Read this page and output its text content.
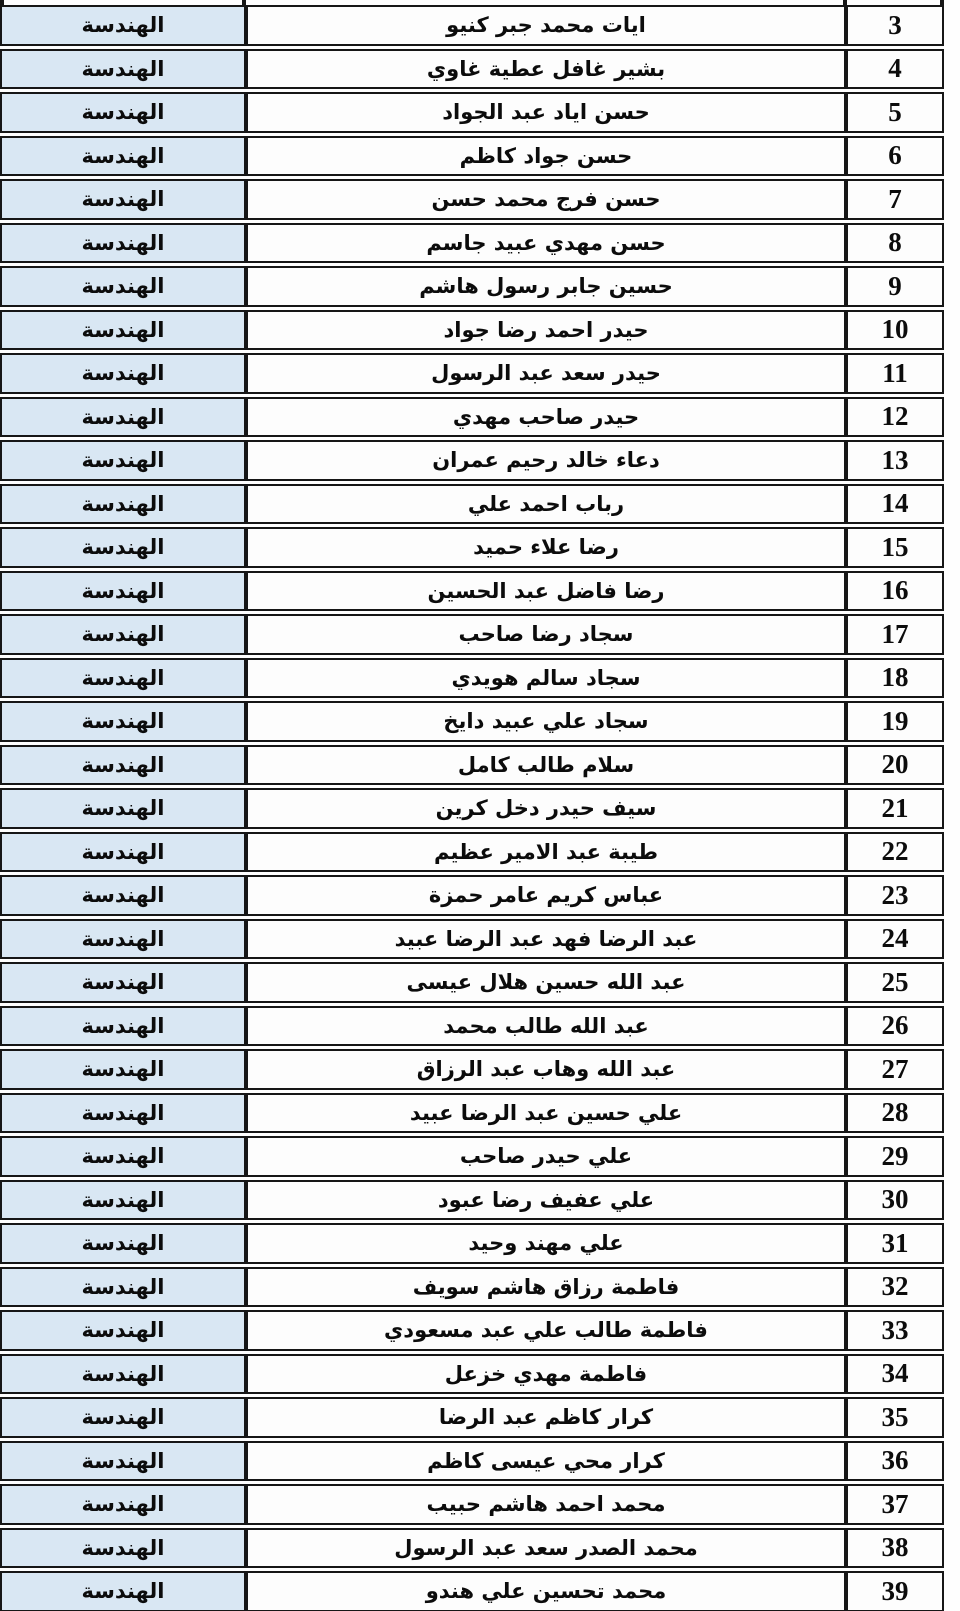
3	ايات محمد جبر كنيو	الهندسة
4	بشير غافل عطية غاوي	الهندسة
5	حسن اياد عبد الجواد	الهندسة
6	حسن جواد كاظم	الهندسة
7	حسن فرج محمد حسن	الهندسة
8	حسن مهدي عبيد جاسم	الهندسة
9	حسين جابر رسول هاشم	الهندسة
10	حيدر احمد رضا جواد	الهندسة
11	حيدر سعد عبد الرسول	الهندسة
12	حيدر صاحب مهدي	الهندسة
13	دعاء خالد رحيم عمران	الهندسة
14	رباب احمد علي	الهندسة
15	رضا علاء حميد	الهندسة
16	رضا فاضل عبد الحسين	الهندسة
17	سجاد رضا صاحب	الهندسة
18	سجاد سالم هويدي	الهندسة
19	سجاد علي عبيد دايخ	الهندسة
20	سلام طالب كامل	الهندسة
21	سيف حيدر دخل كرين	الهندسة
22	طيبة عبد الامير عظيم	الهندسة
23	عباس كريم عامر حمزة	الهندسة
24	عبد الرضا فهد عبد الرضا عبيد	الهندسة
25	عبد الله حسين هلال عيسى	الهندسة
26	عبد الله طالب محمد	الهندسة
27	عبد الله وهاب عبد الرزاق	الهندسة
28	علي حسين عبد الرضا عبيد	الهندسة
29	علي حيدر صاحب	الهندسة
30	علي عفيف رضا عبود	الهندسة
31	علي مهند وحيد	الهندسة
32	فاطمة رزاق هاشم سويف	الهندسة
33	فاطمة طالب علي عبد مسعودي	الهندسة
34	فاطمة مهدي خزعل	الهندسة
35	كرار كاظم عبد الرضا	الهندسة
36	كرار محي عيسى كاظم	الهندسة
37	محمد احمد هاشم حبيب	الهندسة
38	محمد الصدر سعد عبد الرسول	الهندسة
39	محمد تحسين علي هندو	الهندسة
